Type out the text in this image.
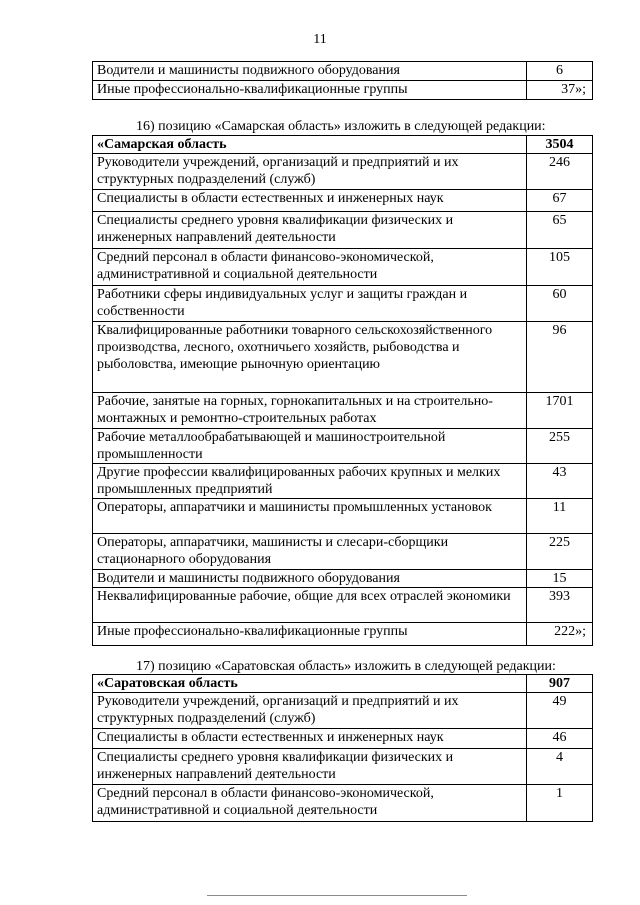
11
Водители и машинисты подвижного оборудования	6
Иные профессионально-квалификационные группы	37»;
16) позицию «Самарская область» изложить в следующей редакции:
«Самарская область	3504
Руководители учреждений, организаций и предприятий и их структурных подразделений (служб)	246
Специалисты в области естественных и инженерных наук	67
Специалисты среднего уровня квалификации физических и инженерных направлений деятельности	65
Средний персонал в области финансово-экономической, административной и социальной деятельности	105
Работники сферы индивидуальных услуг и защиты граждан и собственности	60
Квалифицированные работники товарного сельскохозяйственного производства, лесного, охотничьего хозяйств, рыбоводства и рыболовства, имеющие рыночную ориентацию	96
Рабочие, занятые на горных, горнокапитальных и на строительно-монтажных и ремонтно-строительных работах	1701
Рабочие металлообрабатывающей и машиностроительной промышленности	255
Другие профессии квалифицированных рабочих крупных и мелких промышленных предприятий	43
Операторы, аппаратчики и машинисты промышленных установок	11
Операторы, аппаратчики, машинисты и слесари-сборщики стационарного оборудования	225
Водители и машинисты подвижного оборудования	15
Неквалифицированные рабочие, общие для всех отраслей экономики	393
Иные профессионально-квалификационные группы	222»;
17) позицию «Саратовская область» изложить в следующей редакции:
«Саратовская область	907
Руководители учреждений, организаций и предприятий и их структурных подразделений (служб)	49
Специалисты в области естественных и инженерных наук	46
Специалисты среднего уровня квалификации физических и инженерных направлений деятельности	4
Средний персонал в области финансово-экономической, административной и социальной деятельности	1
